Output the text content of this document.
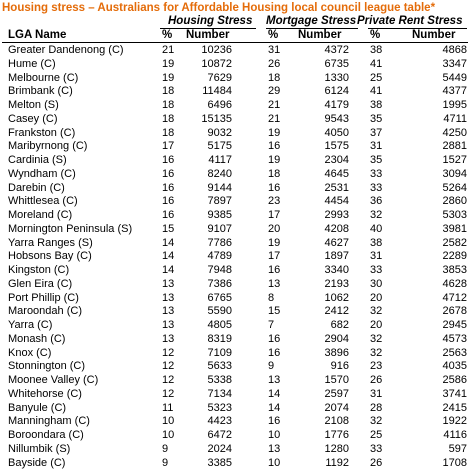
Housing stress – Australians for Affordable Housing local council league table*
Housing Stress Mortgage Stress Private Rent Stress
LGA Name	% Number	% Number %	Number
Greater Dandenong (C)	21 10236	31	4372 38	4868
Hume (C)	19 10872	26	6735 41	3347
Melbourne (C)	19	7629	18	1330 25	5449
Brimbank (C)	18	11484	29	6124 41	4377
Melton (S)	18	6496	21	4179 38	1995
Casey (C)	18 15135	21	9543 35	4711
Frankston (C)	18	9032	19	4050 37	4250
Maribyrnong (C)	17	5175	16	1575 31	2881
Cardinia (S)	16	4117	19	2304 35	1527
Wyndham (C)	16	8240	18	4645 33	3094
Darebin (C)	16	9144	16	2531 33	5264
Whittlesea (C)	16	7897	23	4454 36	2860
Moreland (C)	16	9385	17	2993 32	5303
Mornington Peninsula (S)	15	9107	20	4208 40	3981
Yarra Ranges (S)	14	7786	19	4627 38	2582
Hobsons Bay (C)	14	4789	17	1897 31	2289
Kingston (C)	14	7948	16	3340 33	3853
Glen Eira (C)	13	7386	13	2193 30	4628
Port Phillip (C)	13	6765	8	1062 20	4712
Maroondah (C)	13	5590	15	2412 32	2678
Yarra (C)	13	4805	7	682 20	2945
Monash (C)	13	8319	16	2904 32	4573
Knox (C)	12	7109	16	3896 32	2563
Stonnington (C)	12	5633	9	916 23	4035
Moonee Valley (C)	12	5338	13	1570 26	2586
Whitehorse (C)	12	7134	14	2597 31	3741
Banyule (C)	11	5323	14	2074 28	2415
Manningham (C)	10	4423	16	2108 32	1922
Boroondara (C)	10	6472	10	1776 25	4116
Nillumbik (S)	9	2024	13	1280 33	597
Bayside (C)	9	3385	10	1192 26	1708
